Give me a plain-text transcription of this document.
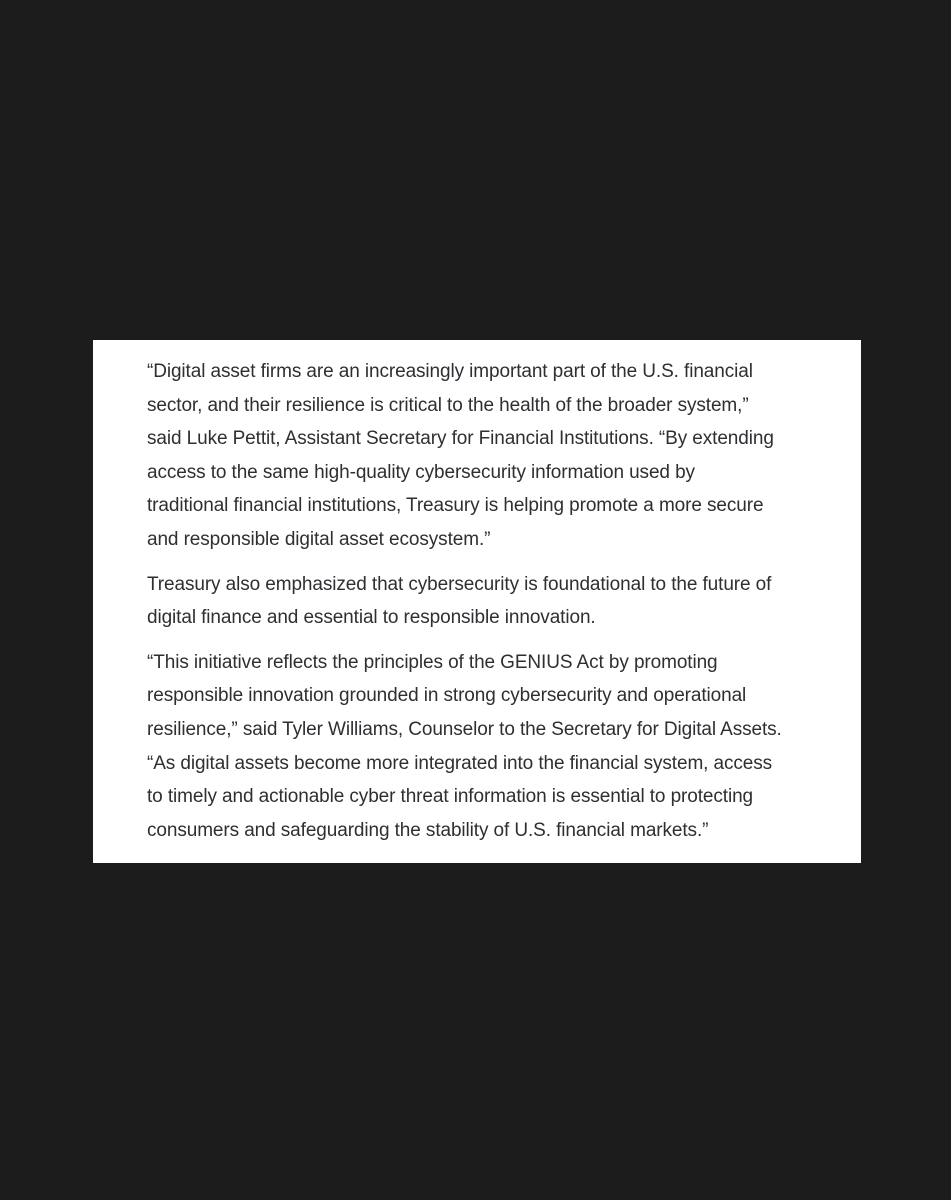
“Digital asset firms are an increasingly important part of the U.S. financial
sector, and their resilience is critical to the health of the broader system,”
said Luke Pettit, Assistant Secretary for Financial Institutions. “By extending
access to the same high-quality cybersecurity information used by
traditional financial institutions, Treasury is helping promote a more secure
and responsible digital asset ecosystem.”

Treasury also emphasized that cybersecurity is foundational to the future of
digital finance and essential to responsible innovation.

“This initiative reflects the principles of the GENIUS Act by promoting
responsible innovation grounded in strong cybersecurity and operational
resilience,” said Tyler Williams, Counselor to the Secretary for Digital Assets.
“As digital assets become more integrated into the financial system, access
to timely and actionable cyber threat information is essential to protecting
consumers and safeguarding the stability of U.S. financial markets.”
